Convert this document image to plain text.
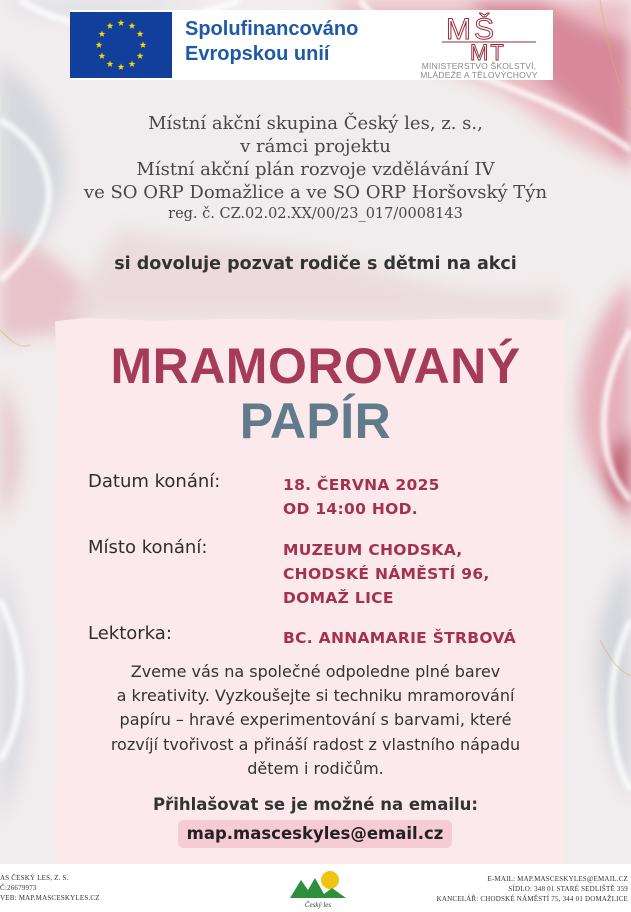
Spolufinancováno
Evropskou unií
MŠ
MT
MINISTERSTVO ŠKOLSTVÍ,
MLÁDEŽE A TĚLOVÝCHOVY
Místní akční skupina Český les, z. s.,
v rámci projektu
Místní akční plán rozvoje vzdělávání IV
ve SO ORP Domažlice a ve SO ORP Horšovský Týn
reg. č. CZ.02.02.XX/00/23_017/0008143
si dovoluje pozvat rodiče s dětmi na akci
MRAMOROVANÝ
PAPÍR
Datum konání:	18. ČERVNA 2025
OD 14:00 HOD.
Místo konání:	MUZEUM CHODSKA,
CHODSKÉ NÁMĚSTÍ 96,
DOMAŽ LICE
Lektorka:	BC. ANNAMARIE ŠTRBOVÁ
Zveme vás na společné odpoledne plné barev
a kreativity. Vyzkoušejte si techniku mramorování
papíru – hravé experimentování s barvami, které
rozvíjí tvořivost a přináší radost z vlastního nápadu
dětem i rodičům.
Přihlašovat se je možné na emailu:
map.masceskyles@email.cz
AS ČESKÝ LES, Z. S.
Č:26679973
VEB: MAP.MASCESKYLES.CZ
Český les
E-MAIL: MAP.MASCESKYLES@EMAIL.CZ
SÍDLO: 348 01 STARÉ SEDLIŠTĚ 359
KANCELÁŘ: CHODSKÉ NÁMĚSTÍ 75, 344 01 DOMAŽLICE
